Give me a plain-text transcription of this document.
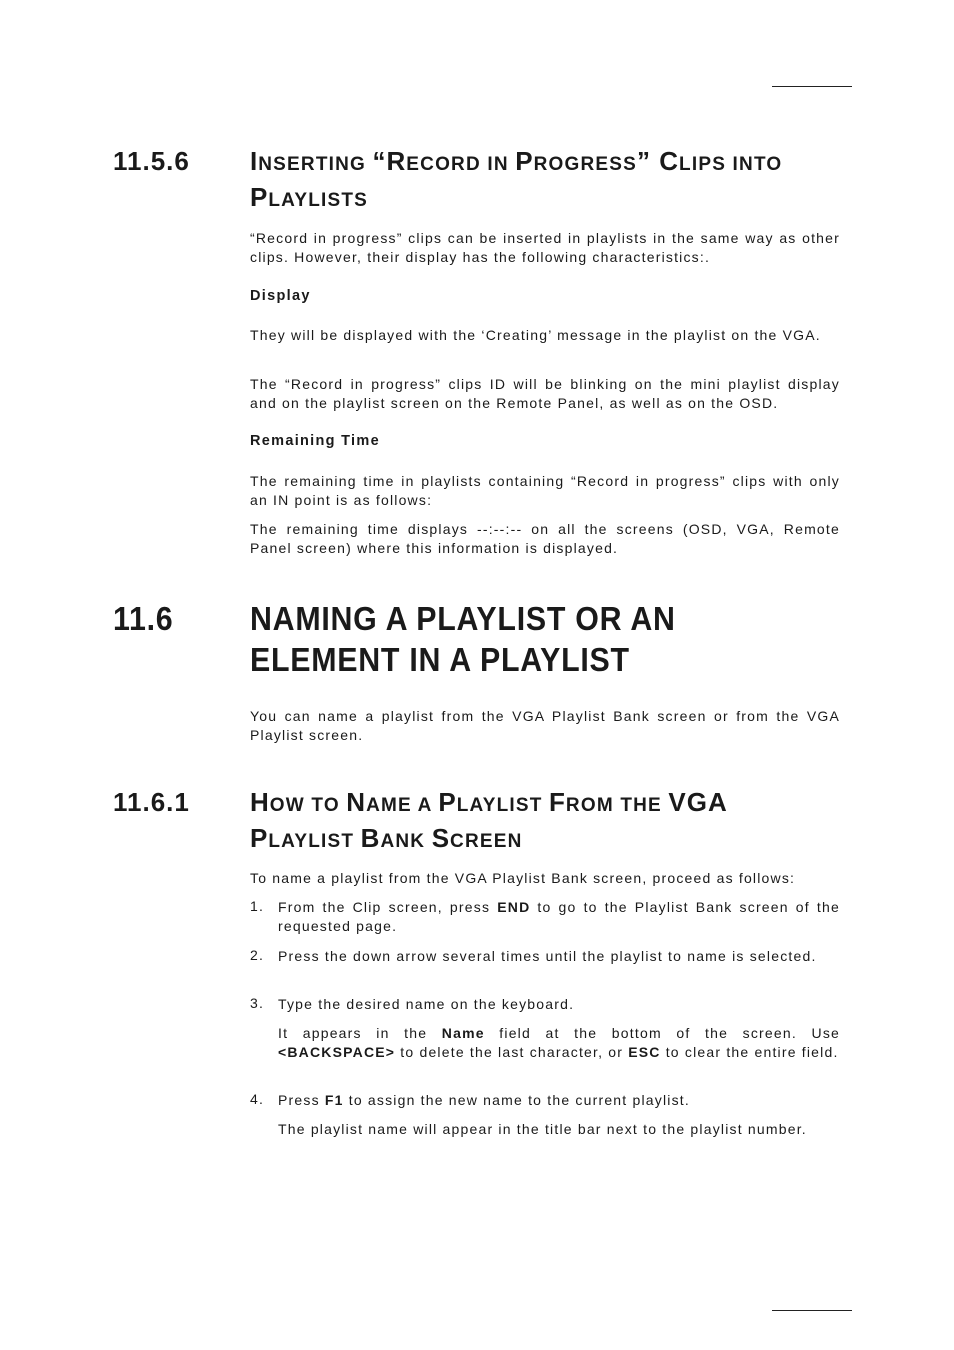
11.5.6 INSERTING “RECORD IN PROGRESS” CLIPS INTO
PLAYLISTS

“Record in progress” clips can be inserted in playlists in the same way as other clips. However, their display has the following characteristics:.

Display

They will be displayed with the ‘Creating’ message in the playlist on the VGA.

The “Record in progress” clips ID will be blinking on the mini playlist display and on the playlist screen on the Remote Panel, as well as on the OSD.

Remaining Time

The remaining time in playlists containing “Record in progress” clips with only an IN point is as follows:

The remaining time displays --:--:-- on all the screens (OSD, VGA, Remote Panel screen) where this information is displayed.

11.6 NAMING A PLAYLIST OR AN
ELEMENT IN A PLAYLIST

You can name a playlist from the VGA Playlist Bank screen or from the VGA Playlist screen.

11.6.1 HOW TO NAME A PLAYLIST FROM THE VGA
PLAYLIST BANK SCREEN

To name a playlist from the VGA Playlist Bank screen, proceed as follows:

1. From the Clip screen, press END to go to the Playlist Bank screen of the requested page.

2. Press the down arrow several times until the playlist to name is selected.

3. Type the desired name on the keyboard.

It appears in the Name field at the bottom of the screen. Use <BACKSPACE> to delete the last character, or ESC to clear the entire field.

4. Press F1 to assign the new name to the current playlist.

The playlist name will appear in the title bar next to the playlist number.
